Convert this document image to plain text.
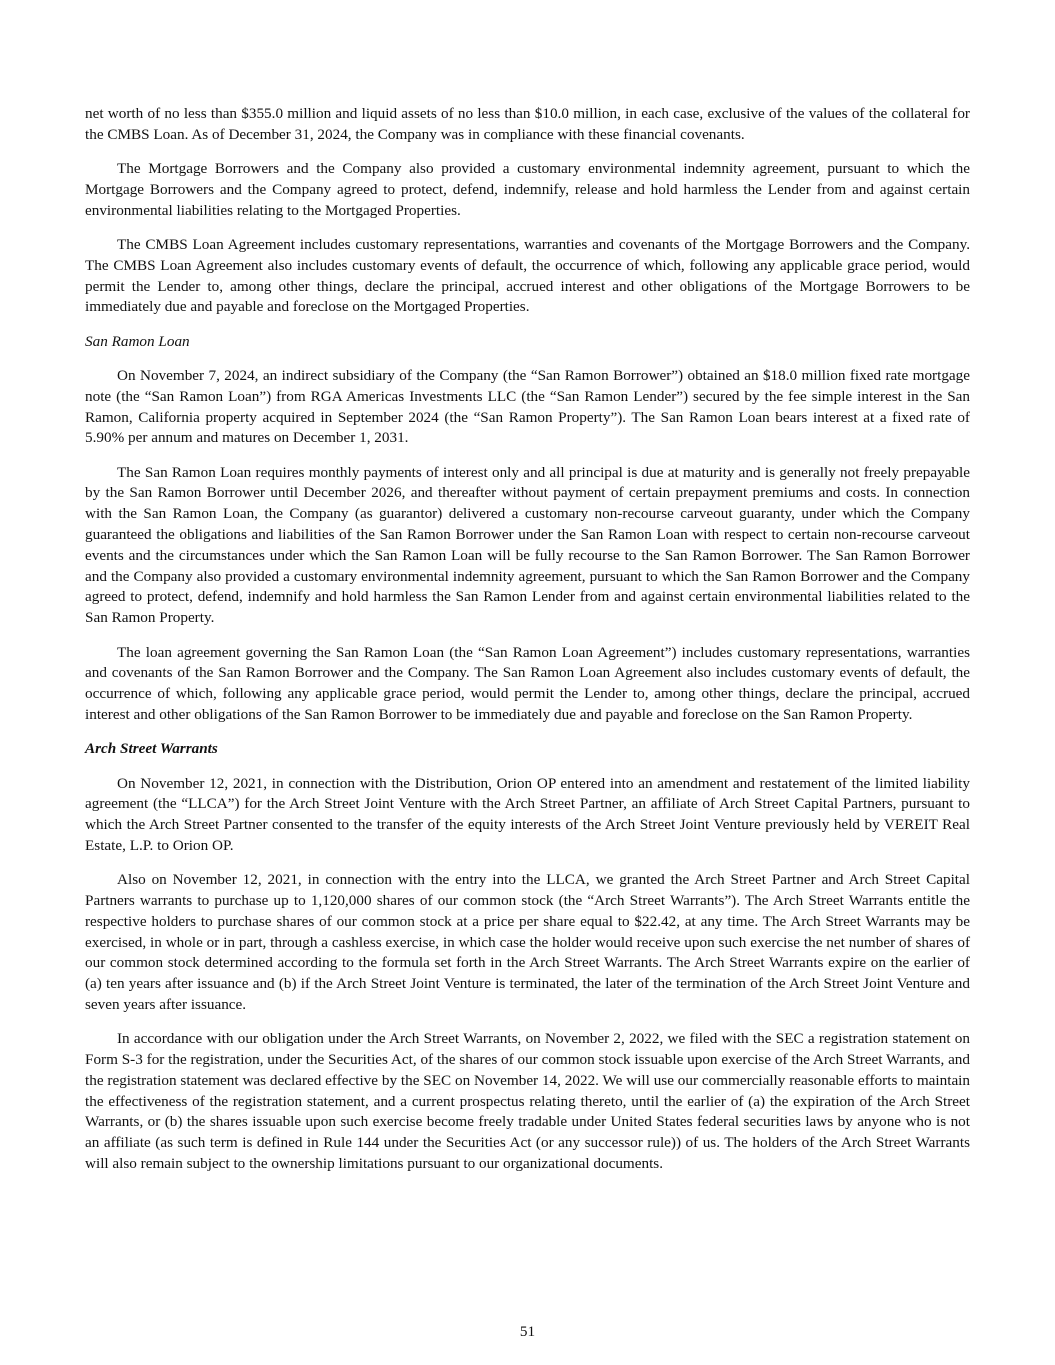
net worth of no less than $355.0 million and liquid assets of no less than $10.0 million, in each case, exclusive of the values of the collateral for the CMBS Loan. As of December 31, 2024, the Company was in compliance with these financial covenants.

The Mortgage Borrowers and the Company also provided a customary environmental indemnity agreement, pursuant to which the Mortgage Borrowers and the Company agreed to protect, defend, indemnify, release and hold harmless the Lender from and against certain environmental liabilities relating to the Mortgaged Properties.

The CMBS Loan Agreement includes customary representations, warranties and covenants of the Mortgage Borrowers and the Company. The CMBS Loan Agreement also includes customary events of default, the occurrence of which, following any applicable grace period, would permit the Lender to, among other things, declare the principal, accrued interest and other obligations of the Mortgage Borrowers to be immediately due and payable and foreclose on the Mortgaged Properties.

San Ramon Loan

On November 7, 2024, an indirect subsidiary of the Company (the “San Ramon Borrower”) obtained an $18.0 million fixed rate mortgage note (the “San Ramon Loan”) from RGA Americas Investments LLC (the “San Ramon Lender”) secured by the fee simple interest in the San Ramon, California property acquired in September 2024 (the “San Ramon Property”). The San Ramon Loan bears interest at a fixed rate of 5.90% per annum and matures on December 1, 2031.

The San Ramon Loan requires monthly payments of interest only and all principal is due at maturity and is generally not freely prepayable by the San Ramon Borrower until December 2026, and thereafter without payment of certain prepayment premiums and costs. In connection with the San Ramon Loan, the Company (as guarantor) delivered a customary non-recourse carveout guaranty, under which the Company guaranteed the obligations and liabilities of the San Ramon Borrower under the San Ramon Loan with respect to certain non-recourse carveout events and the circumstances under which the San Ramon Loan will be fully recourse to the San Ramon Borrower. The San Ramon Borrower and the Company also provided a customary environmental indemnity agreement, pursuant to which the San Ramon Borrower and the Company agreed to protect, defend, indemnify and hold harmless the San Ramon Lender from and against certain environmental liabilities related to the San Ramon Property.

The loan agreement governing the San Ramon Loan (the “San Ramon Loan Agreement”) includes customary representations, warranties and covenants of the San Ramon Borrower and the Company. The San Ramon Loan Agreement also includes customary events of default, the occurrence of which, following any applicable grace period, would permit the Lender to, among other things, declare the principal, accrued interest and other obligations of the San Ramon Borrower to be immediately due and payable and foreclose on the San Ramon Property.

Arch Street Warrants

On November 12, 2021, in connection with the Distribution, Orion OP entered into an amendment and restatement of the limited liability agreement (the “LLCA”) for the Arch Street Joint Venture with the Arch Street Partner, an affiliate of Arch Street Capital Partners, pursuant to which the Arch Street Partner consented to the transfer of the equity interests of the Arch Street Joint Venture previously held by VEREIT Real Estate, L.P. to Orion OP.

Also on November 12, 2021, in connection with the entry into the LLCA, we granted the Arch Street Partner and Arch Street Capital Partners warrants to purchase up to 1,120,000 shares of our common stock (the “Arch Street Warrants”). The Arch Street Warrants entitle the respective holders to purchase shares of our common stock at a price per share equal to $22.42, at any time. The Arch Street Warrants may be exercised, in whole or in part, through a cashless exercise, in which case the holder would receive upon such exercise the net number of shares of our common stock determined according to the formula set forth in the Arch Street Warrants. The Arch Street Warrants expire on the earlier of (a) ten years after issuance and (b) if the Arch Street Joint Venture is terminated, the later of the termination of the Arch Street Joint Venture and seven years after issuance.

In accordance with our obligation under the Arch Street Warrants, on November 2, 2022, we filed with the SEC a registration statement on Form S-3 for the registration, under the Securities Act, of the shares of our common stock issuable upon exercise of the Arch Street Warrants, and the registration statement was declared effective by the SEC on November 14, 2022. We will use our commercially reasonable efforts to maintain the effectiveness of the registration statement, and a current prospectus relating thereto, until the earlier of (a) the expiration of the Arch Street Warrants, or (b) the shares issuable upon such exercise become freely tradable under United States federal securities laws by anyone who is not an affiliate (as such term is defined in Rule 144 under the Securities Act (or any successor rule)) of us. The holders of the Arch Street Warrants will also remain subject to the ownership limitations pursuant to our organizational documents.

51
